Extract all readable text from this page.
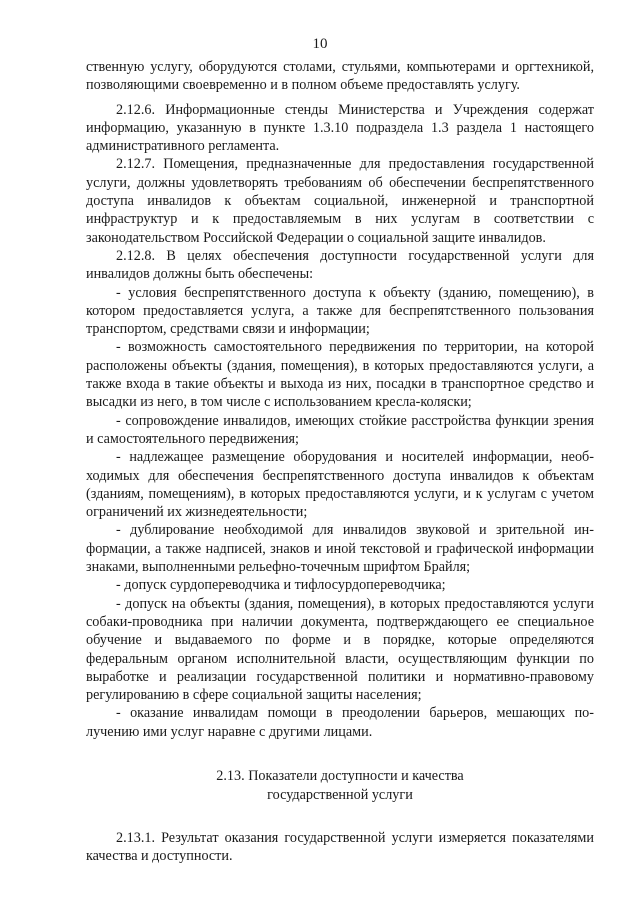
10

ственную услугу, оборудуются столами, стульями, компьютерами и оргтехникой, позволяющими своевременно и в полном объеме предоставлять услугу.

2.12.6. Информационные стенды Министерства и Учреждения содержат информацию, указанную в пункте 1.3.10 подраздела 1.3 раздела 1 настоящего административного регламента.

2.12.7. Помещения, предназначенные для предоставления государственной услуги, должны удовлетворять требованиям об обеспечении беспрепятственного доступа инвалидов к объектам социальной, инженерной и транспортной инфраструктур и к предоставляемым в них услугам в соответствии с законодательством Российской Федерации о социальной защите инвалидов.

2.12.8. В целях обеспечения доступности государственной услуги для инвалидов должны быть обеспечены:

- условия беспрепятственного доступа к объекту (зданию, помещению), в котором предоставляется услуга, а также для беспрепятственного пользования транспортом, средствами связи и информации;

- возможность самостоятельного передвижения по территории, на которой расположены объекты (здания, помещения), в которых предоставляются услуги, а также входа в такие объекты и выхода из них, посадки в транспортное средство и высадки из него, в том числе с использованием кресла-коляски;

- сопровождение инвалидов, имеющих стойкие расстройства функции зрения и самостоятельного передвижения;

- надлежащее размещение оборудования и носителей информации, необходимых для обеспечения беспрепятственного доступа инвалидов к объектам (зданиям, помещениям), в которых предоставляются услуги, и к услугам с учетом ограничений их жизнедеятельности;

- дублирование необходимой для инвалидов звуковой и зрительной информации, а также надписей, знаков и иной текстовой и графической информации знаками, выполненными рельефно-точечным шрифтом Брайля;

- допуск сурдопереводчика и тифлосурдопереводчика;

- допуск на объекты (здания, помещения), в которых предоставляются услуги собаки-проводника при наличии документа, подтверждающего ее специальное обучение и выдаваемого по форме и в порядке, которые определяются федеральным органом исполнительной власти, осуществляющим функции по выработке и реализации государственной политики и нормативно-правовому регулированию в сфере социальной защиты населения;

- оказание инвалидам помощи в преодолении барьеров, мешающих получению ими услуг наравне с другими лицами.

2.13. Показатели доступности и качества
государственной услуги

2.13.1. Результат оказания государственной услуги измеряется показателями качества и доступности.
